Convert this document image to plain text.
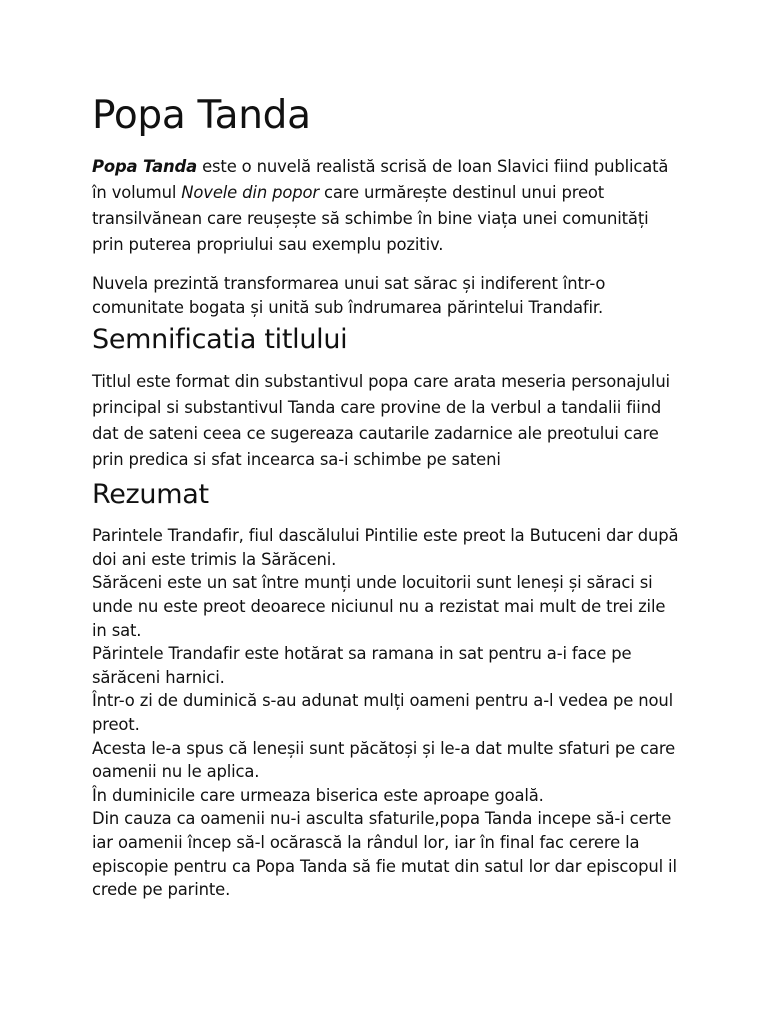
Popa Tanda

Popa Tanda este o nuvelă realistă scrisă de Ioan Slavici fiind publicată în volumul Novele din popor care urmărește destinul unui preot transilvănean care reușește să schimbe în bine viața unei comunități prin puterea propriului sau exemplu pozitiv.

Nuvela prezintă transformarea unui sat sărac și indiferent într-o comunitate bogata și unită sub îndrumarea părintelui Trandafir.

Semnificatia titlului

Titlul este format din substantivul popa care arata meseria personajului principal si substantivul Tanda care provine de la verbul a tandalii fiind dat de sateni ceea ce sugereaza cautarile zadarnice ale preotului care prin predica si sfat incearca sa-i schimbe pe sateni

Rezumat

Parintele Trandafir, fiul dascălului Pintilie este preot la Butuceni dar după doi ani este trimis la Sărăceni.

Sărăceni este un sat între munți unde locuitorii sunt leneși și săraci si unde nu este preot deoarece niciunul nu a rezistat mai mult de trei zile in sat.

Părintele Trandafir este hotărat sa ramana in sat pentru a-i face pe sărăceni harnici.

Într-o zi de duminică s-au adunat mulți oameni pentru a-l vedea pe noul preot.

Acesta le-a spus că leneșii sunt păcătoși și le-a dat multe sfaturi pe care oamenii nu le aplica.

În duminicile care urmeaza biserica este aproape goală.

Din cauza ca oamenii nu-i asculta sfaturile,popa Tanda incepe să-i certe iar oamenii încep să-l ocărască la rândul lor, iar în final fac cerere la episcopie pentru ca Popa Tanda să fie mutat din satul lor dar episcopul il crede pe parinte.
